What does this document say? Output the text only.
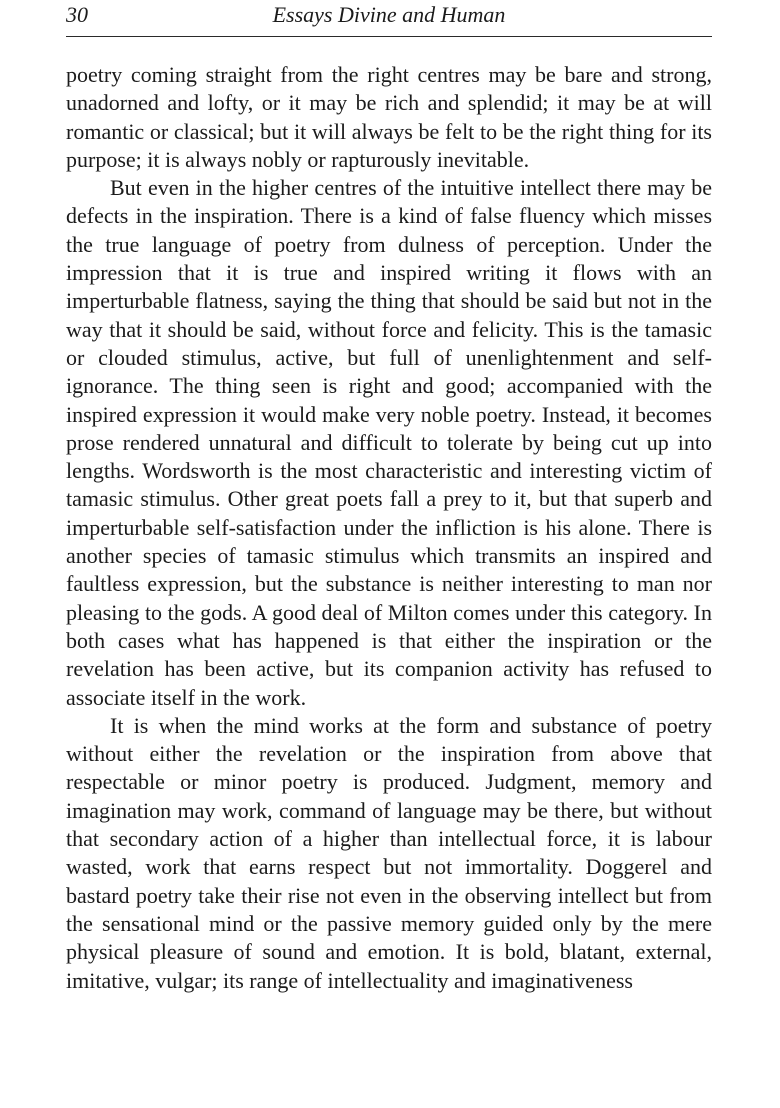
30	Essays Divine and Human

poetry coming straight from the right centres may be bare and strong, unadorned and lofty, or it may be rich and splendid; it may be at will romantic or classical; but it will always be felt to be the right thing for its purpose; it is always nobly or rapturously inevitable.

But even in the higher centres of the intuitive intellect there may be defects in the inspiration. There is a kind of false fluency which misses the true language of poetry from dulness of perception. Under the impression that it is true and inspired writing it flows with an imperturbable flatness, saying the thing that should be said but not in the way that it should be said, without force and felicity. This is the tamasic or clouded stimulus, active, but full of unenlightenment and self-ignorance. The thing seen is right and good; accompanied with the inspired expression it would make very noble poetry. Instead, it becomes prose rendered unnatural and difficult to tolerate by being cut up into lengths. Wordsworth is the most characteristic and interesting victim of tamasic stimulus. Other great poets fall a prey to it, but that superb and imperturbable self-satisfaction under the infliction is his alone. There is another species of tamasic stimulus which transmits an inspired and faultless expression, but the substance is neither interesting to man nor pleasing to the gods. A good deal of Milton comes under this category. In both cases what has happened is that either the inspiration or the revelation has been active, but its companion activity has refused to associate itself in the work.

It is when the mind works at the form and substance of poetry without either the revelation or the inspiration from above that respectable or minor poetry is produced. Judgment, memory and imagination may work, command of language may be there, but without that secondary action of a higher than intellectual force, it is labour wasted, work that earns respect but not immortality. Doggerel and bastard poetry take their rise not even in the observing intellect but from the sensational mind or the passive memory guided only by the mere physical pleasure of sound and emotion. It is bold, blatant, external, imitative, vulgar; its range of intellectuality and imaginativeness
